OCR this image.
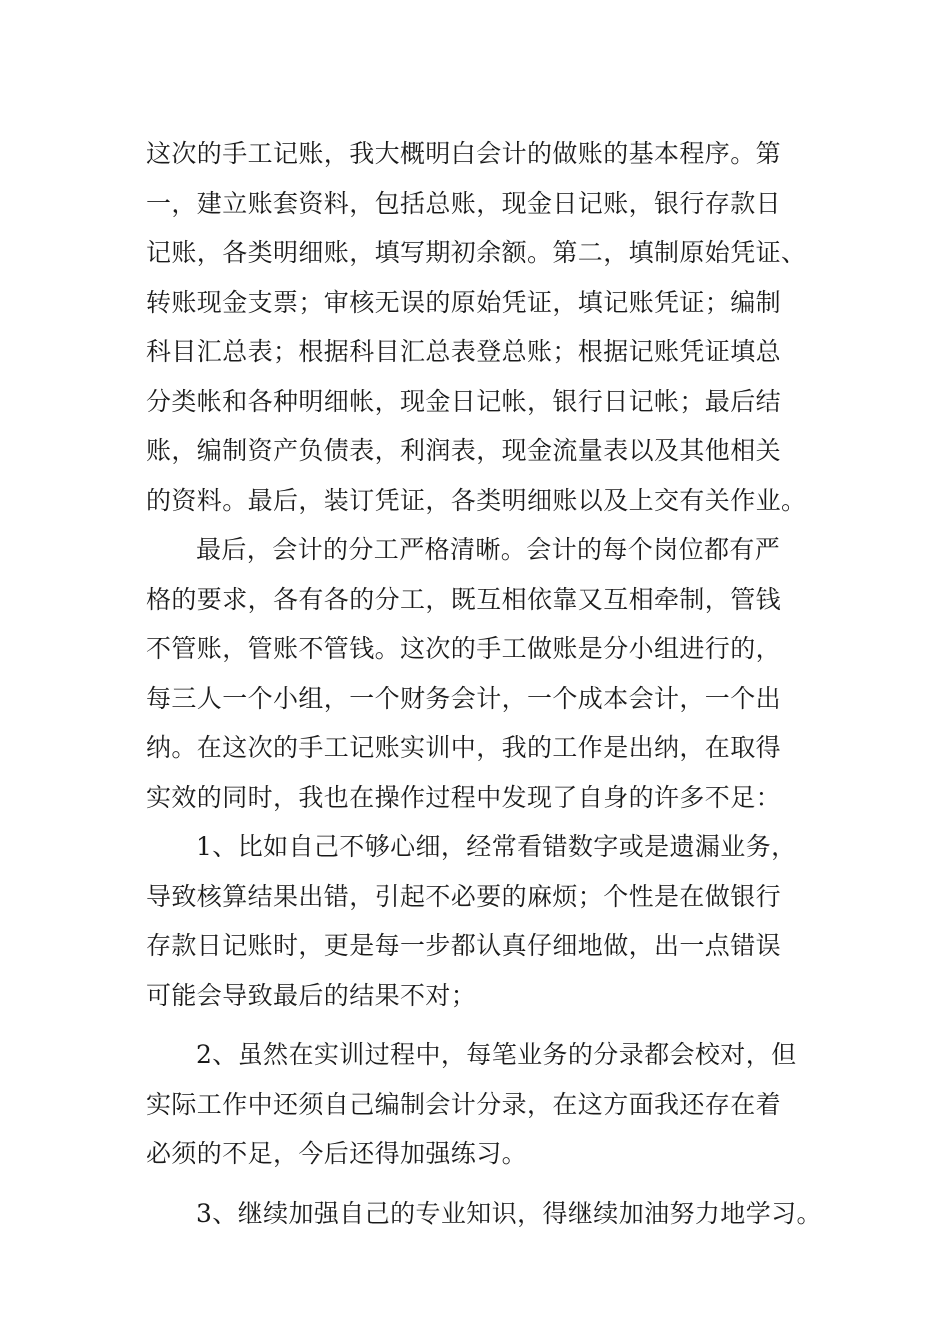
这次的手工记账，我大概明白会计的做账的基本程序。第
一，建立账套资料，包括总账，现金日记账，银行存款日
记账，各类明细账，填写期初余额。第二，填制原始凭证、
转账现金支票；审核无误的原始凭证，填记账凭证；编制
科目汇总表；根据科目汇总表登总账；根据记账凭证填总
分类帐和各种明细帐，现金日记帐，银行日记帐；最后结
账，编制资产负债表，利润表，现金流量表以及其他相关
的资料。最后，装订凭证，各类明细账以及上交有关作业。
最后，会计的分工严格清晰。会计的每个岗位都有严
格的要求，各有各的分工，既互相依靠又互相牵制，管钱
不管账，管账不管钱。这次的手工做账是分小组进行的，
每三人一个小组，一个财务会计，一个成本会计，一个出
纳。在这次的手工记账实训中，我的工作是出纳，在取得
实效的同时，我也在操作过程中发现了自身的许多不足：
1、比如自己不够心细，经常看错数字或是遗漏业务，
导致核算结果出错，引起不必要的麻烦；个性是在做银行
存款日记账时，更是每一步都认真仔细地做，出一点错误
可能会导致最后的结果不对；
2、虽然在实训过程中，每笔业务的分录都会校对，但
实际工作中还须自己编制会计分录，在这方面我还存在着
必须的不足，今后还得加强练习。
3、继续加强自己的专业知识，得继续加油努力地学习。
